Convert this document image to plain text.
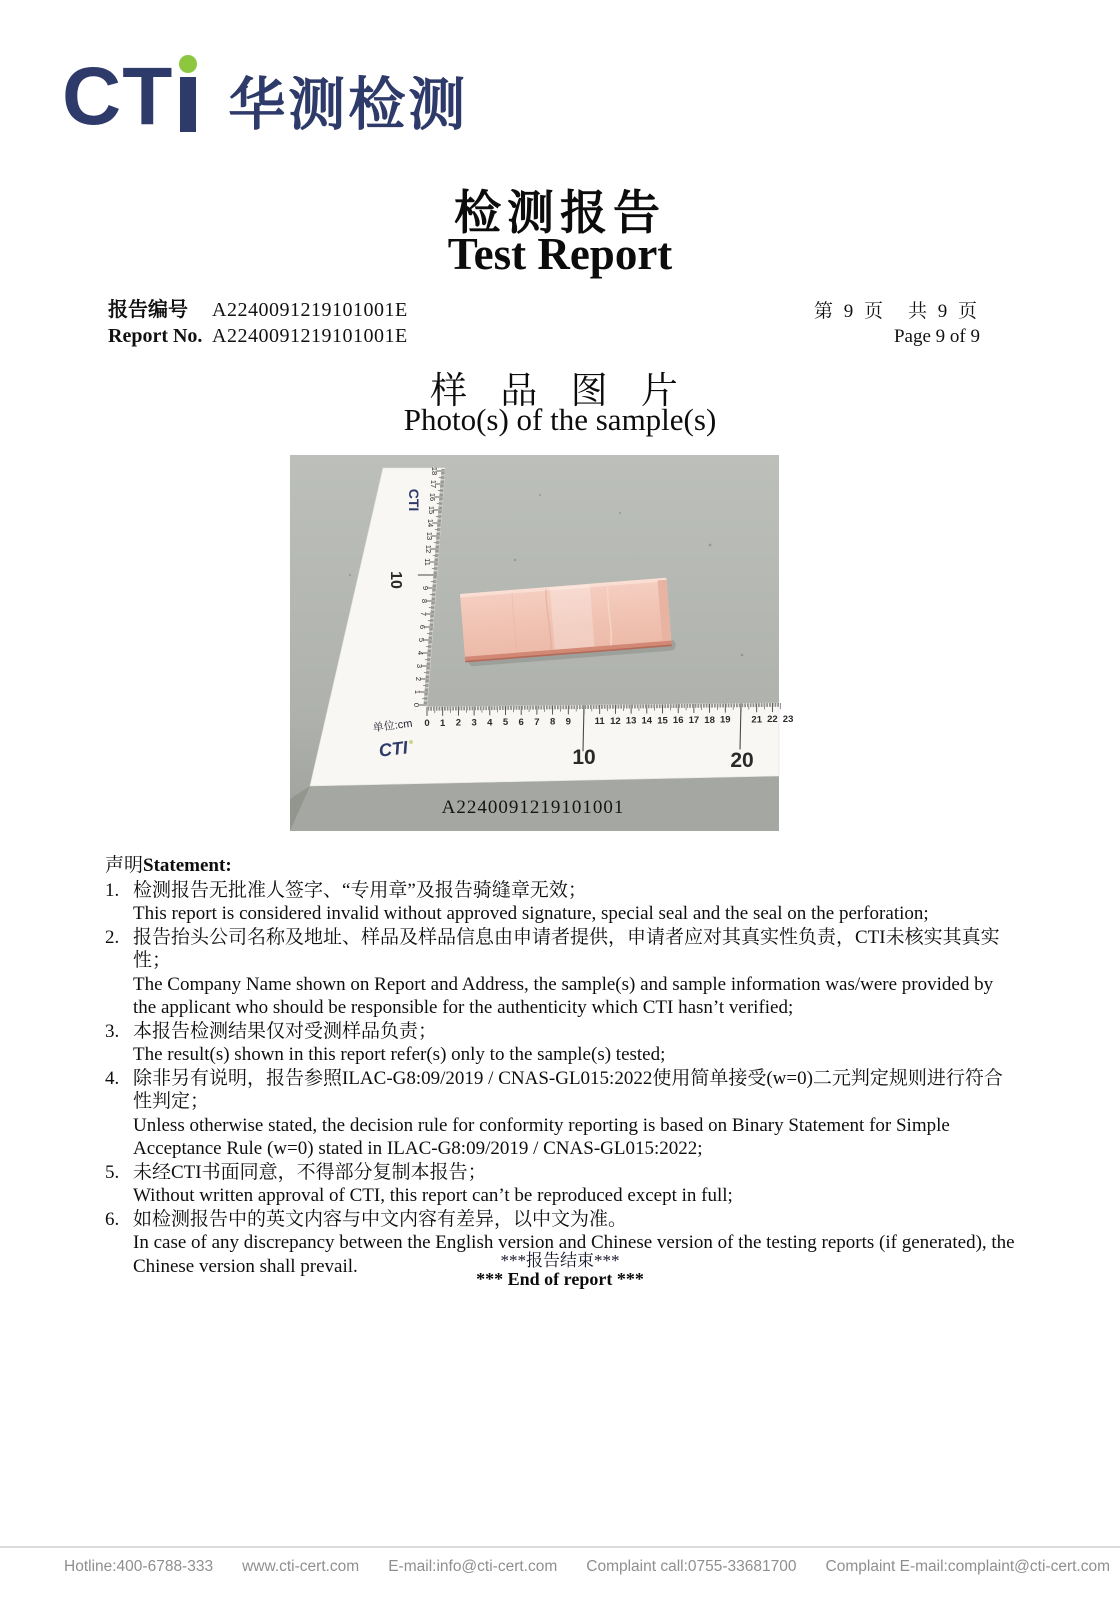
CT 华测检测
检测报告
Test Report
报告编号	A2240091219101001E
Report No. A2240091219101001E
第 9 页　共 9 页
Page 9 of 9
样 品 图 片
Photo(s) of the sample(s)
18
17
16
15
14
13
12
11
9
8
7
6
5
4
3
2
1
0
0 1 2 3 4 5 6 7 8 9 11 12 13 14 15 16 17 18 19 21 22 23
CTI
10
单位:cm
CTI	10	20
A2240091219101001
声明Statement:
1. 检测报告无批准人签字、“专用章”及报告骑缝章无效；
This report is considered invalid without approved signature, special seal and the seal on the perforation;
2. 报告抬头公司名称及地址、样品及样品信息由申请者提供，申请者应对其真实性负责，CTI未核实其真实性；
The Company Name shown on Report and Address, the sample(s) and sample information was/were provided by the applicant who should be responsible for the authenticity which CTI hasn’t verified;
3. 本报告检测结果仅对受测样品负责；
The result(s) shown in this report refer(s) only to the sample(s) tested;
4. 除非另有说明，报告参照ILAC-G8:09/2019 / CNAS-GL015:2022使用简单接受(w=0)二元判定规则进行符合性判定；
Unless otherwise stated, the decision rule for conformity reporting is based on Binary Statement for Simple Acceptance Rule (w=0) stated in ILAC-G8:09/2019 / CNAS-GL015:2022;
5. 未经CTI书面同意，不得部分复制本报告；
Without written approval of CTI, this report can’t be reproduced except in full;
6. 如检测报告中的英文内容与中文内容有差异，以中文为准。
In case of any discrepancy between the English version and Chinese version of the testing reports (if generated), the Chinese version shall prevail.	***报告结束***
*** End of report ***
Hotline:400-6788-333 www.cti-cert.com E-mail:info@cti-cert.com Complaint call:0755-33681700 Complaint E-mail:complaint@cti-cert.com
